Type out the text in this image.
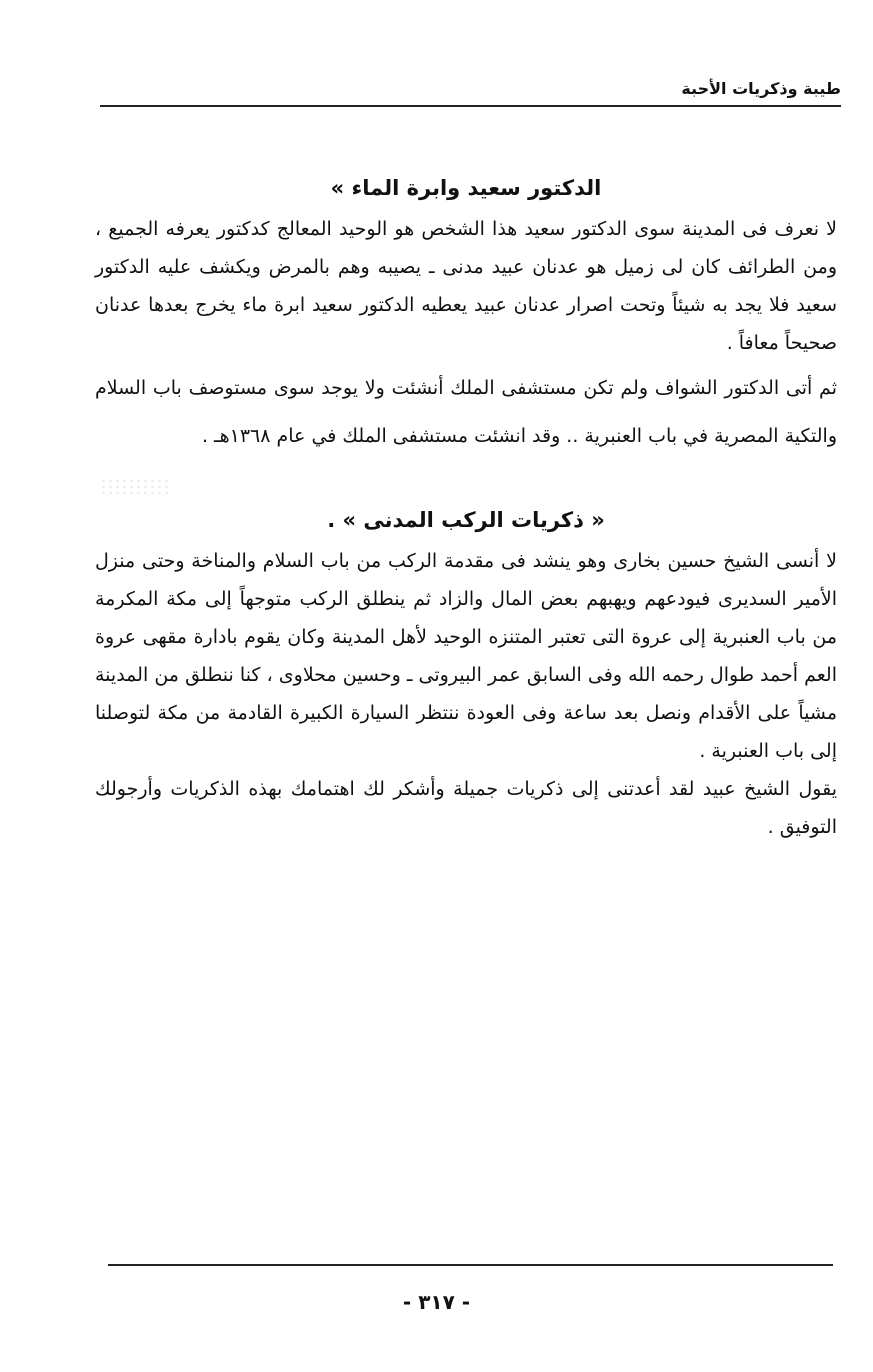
طيبة وذكريات الأحبة
الدكتور سعيد وابرة الماء »

لا نعرف فى المدينة سوى الدكتور سعيد هذا الشخص هو الوحيد المعالج كدكتور يعرفه الجميع ، ومن الطرائف كان لى زميل هو عدنان عبيد مدنى ـ يصيبه وهم بالمرض ويكشف عليه الدكتور سعيد فلا يجد به شيئاً وتحت اصرار عدنان عبيد يعطيه الدكتور سعيد ابرة ماء يخرج بعدها عدنان صحيحاً معافاً .

ثم أتى الدكتور الشواف ولم تكن مستشفى الملك أنشئت ولا يوجد سوى مستوصف باب السلام والتكية المصرية في باب العنبرية .. وقد انشئت مستشفى الملك في عام ١٣٦٨هـ .

« ذكريات الركب المدنى » .

لا أنسى الشيخ حسين بخارى وهو ينشد فى مقدمة الركب من باب السلام والمناخة وحتى منزل الأمير السديرى فيودعهم ويهبهم بعض المال والزاد ثم ينطلق الركب متوجهاً إلى مكة المكرمة من باب العنبرية إلى عروة التى تعتبر المتنزه الوحيد لأهل المدينة وكان يقوم بادارة مقهى عروة العم أحمد طوال رحمه الله وفى السابق عمر البيروتى ـ وحسين محلاوى ، كنا ننطلق من المدينة مشياً على الأقدام ونصل بعد ساعة وفى العودة ننتظر السيارة الكبيرة القادمة من مكة لتوصلنا إلى باب العنبرية .

يقول الشيخ عبيد لقد أعدتنى إلى ذكريات جميلة وأشكر لك اهتمامك بهذه الذكريات وأرجولك التوفيق .

- ٣١٧ -
